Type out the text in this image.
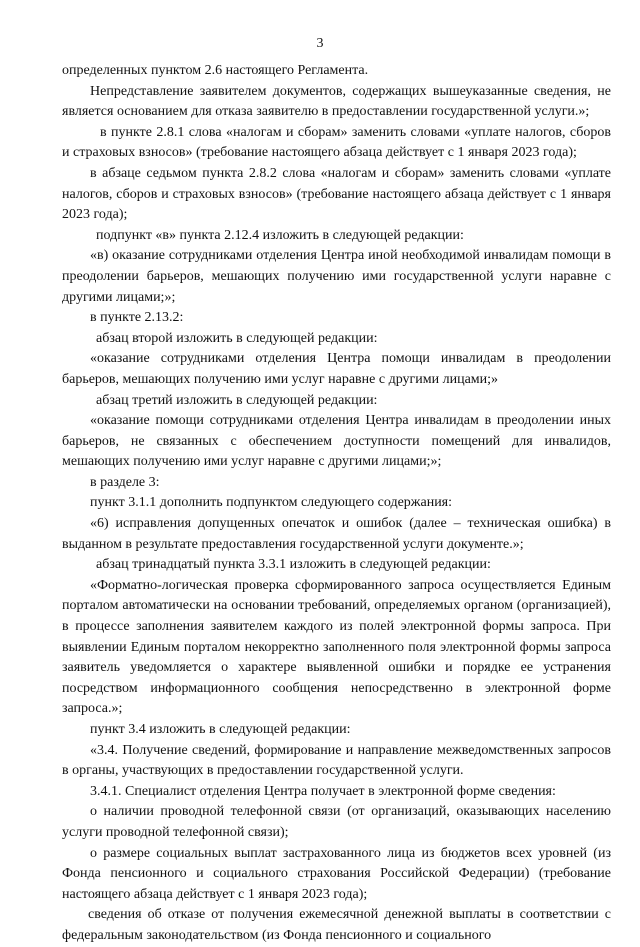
3

определенных пунктом 2.6 настоящего Регламента.

Непредставление заявителем документов, содержащих вышеуказанные сведения, не является основанием для отказа заявителю в предоставлении государственной услуги.»;

в пункте 2.8.1 слова «налогам и сборам» заменить словами «уплате налогов, сборов и страховых взносов» (требование настоящего абзаца действует с 1 января 2023 года);

в абзаце седьмом пункта 2.8.2 слова «налогам и сборам» заменить словами «уплате налогов, сборов и страховых взносов» (требование настоящего абзаца действует с 1 января 2023 года);

подпункт «в» пункта 2.12.4 изложить в следующей редакции:

«в) оказание сотрудниками отделения Центра иной необходимой инвалидам помощи в преодолении барьеров, мешающих получению ими государственной услуги наравне с другими лицами;»;

в пункте 2.13.2:

абзац второй изложить в следующей редакции:

«оказание сотрудниками отделения Центра помощи инвалидам в преодолении барьеров, мешающих получению ими услуг наравне с другими лицами;»

абзац третий изложить в следующей редакции:

«оказание помощи сотрудниками отделения Центра инвалидам в преодолении иных барьеров, не связанных с обеспечением доступности помещений для инвалидов, мешающих получению ими услуг наравне с другими лицами;»;

в разделе 3:

пункт 3.1.1 дополнить подпунктом следующего содержания:

«6) исправления допущенных опечаток и ошибок (далее – техническая ошибка) в выданном в результате предоставления государственной услуги документе.»;

абзац тринадцатый пункта 3.3.1 изложить в следующей редакции:

«Форматно-логическая проверка сформированного запроса осуществляется Единым порталом автоматически на основании требований, определяемых органом (организацией), в процессе заполнения заявителем каждого из полей электронной формы запроса. При выявлении Единым порталом некорректно заполненного поля электронной формы запроса заявитель уведомляется о характере выявленной ошибки и порядке ее устранения посредством информационного сообщения непосредственно в электронной форме запроса.»;

пункт 3.4 изложить в следующей редакции:

«3.4. Получение сведений, формирование и направление межведомственных запросов в органы, участвующих в предоставлении государственной услуги.

3.4.1. Специалист отделения Центра получает в электронной форме сведения:

о наличии проводной телефонной связи (от организаций, оказывающих населению услуги проводной телефонной связи);

о размере социальных выплат застрахованного лица из бюджетов всех уровней (из Фонда пенсионного и социального страхования Российской Федерации) (требование настоящего абзаца действует с 1 января 2023 года);

сведения об отказе от получения ежемесячной денежной выплаты в соответствии с федеральным законодательством (из Фонда пенсионного и социального
